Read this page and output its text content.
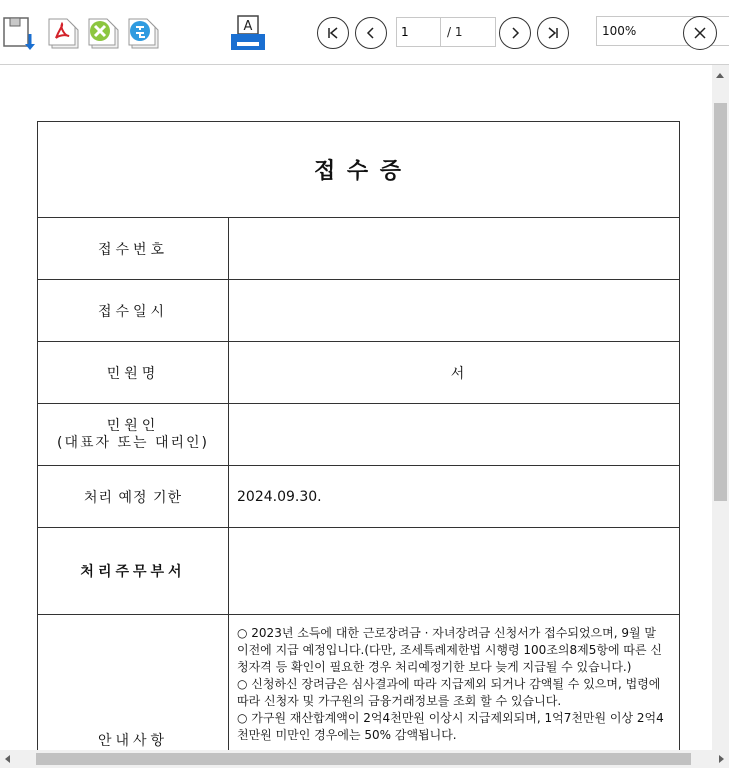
A
1	/ 1	100%
접 수 증	
접수번호	
접수일시	
민원명	서

민원인
(대표자 또는 대리인)	

처리 예정 기한	2024.09.30.
처리주무부서	
안내사항	○ 2023년 소득에 대한 근로장려금 · 자녀장려금 신청서가 접수되었으며, 9월 말 이전에 지급 예정입니다.(다만, 조세특례제한법 시행령 100조의8제5항에 따른 신청자격 등 확인이 필요한 경우 처리예정기한 보다 늦게 지급될 수 있습니다.)
○ 신청하신 장려금은 심사결과에 따라 지급제외 되거나 감액될 수 있으며, 법령에 따라 신청자 및 가구원의 금융거래정보를 조회 할 수 있습니다.
○ 가구원 재산합계액이 2억4천만원 이상시 지급제외되며, 1억7천만원 이상 2억4천만원 미만인 경우에는 50% 감액됩니다.
